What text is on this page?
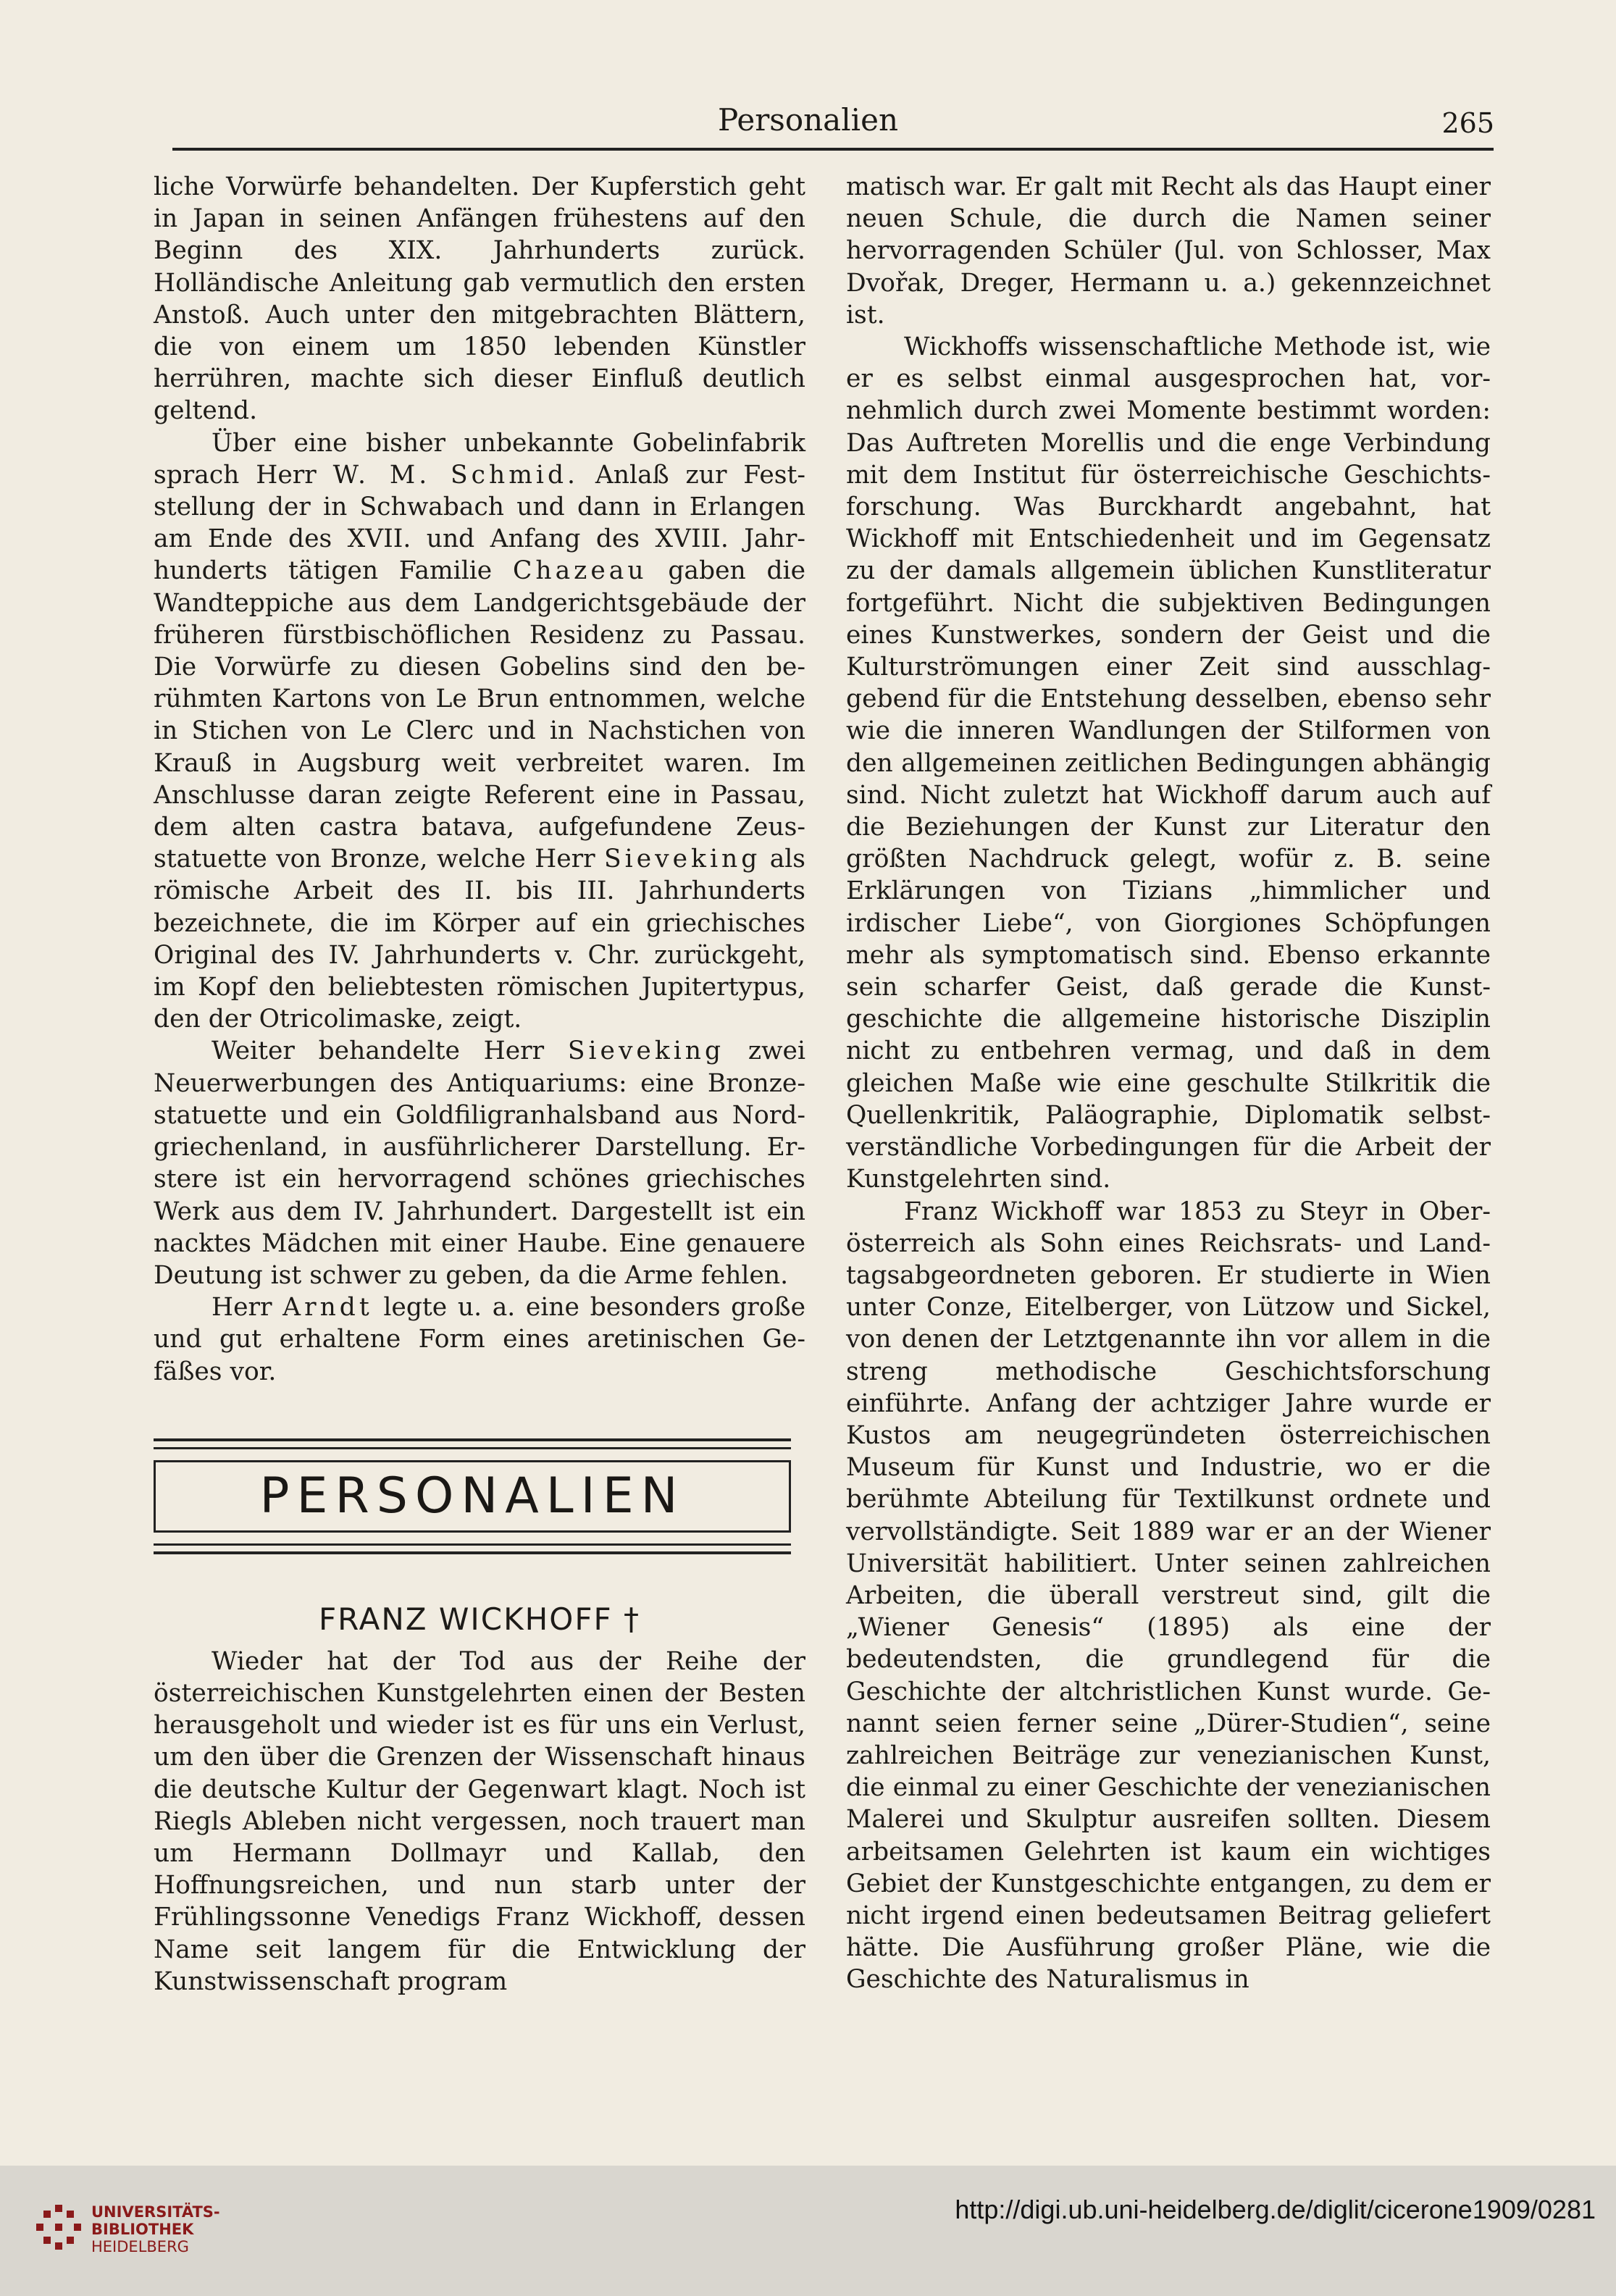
Personalien	265

liche Vorwürfe behandelten. Der Kupferstich geht in Japan in seinen Anfängen frühestens auf den Beginn des XIX. Jahrhunderts zurück. Holländische Anleitung gab vermutlich den ersten Anstoß. Auch unter den mitgebrachten Blättern, die von einem um 1850 lebenden Künstler herrühren, machte sich dieser Einfluß deutlich geltend.

Über eine bisher unbekannte Gobelinfabrik sprach Herr W. M. Schmid. Anlaß zur Feststellung der in Schwabach und dann in Erlangen am Ende des XVII. und Anfang des XVIII. Jahrhunderts tätigen Familie Chazeau gaben die Wandteppiche aus dem Landgerichtsgebäude der früheren fürstbischöflichen Residenz zu Passau. Die Vorwürfe zu diesen Gobelins sind den berühmten Kartons von Le Brun entnommen, welche in Stichen von Le Clerc und in Nachstichen von Krauß in Augsburg weit verbreitet waren. Im Anschlusse daran zeigte Referent eine in Passau, dem alten castra batava, aufgefundene Zeusstatuette von Bronze, welche Herr Sieveking als römische Arbeit des II. bis III. Jahrhunderts bezeichnete, die im Körper auf ein griechisches Original des IV. Jahrhunderts v. Chr. zurückgeht, im Kopf den beliebtesten römischen Jupitertypus, den der Otricolimaske, zeigt.

Weiter behandelte Herr Sieveking zwei Neuerwerbungen des Antiquariums: eine Bronzestatuette und ein Goldfiligranhalsband aus Nordgriechenland, in ausführlicherer Darstellung. Erstere ist ein hervorragend schönes griechisches Werk aus dem IV. Jahrhundert. Dargestellt ist ein nacktes Mädchen mit einer Haube. Eine genauere Deutung ist schwer zu geben, da die Arme fehlen.

Herr Arndt legte u. a. eine besonders große und gut erhaltene Form eines aretinischen Gefäßes vor.

PERSONALIEN
FRANZ WICKHOFF †

Wieder hat der Tod aus der Reihe der österreichischen Kunstgelehrten einen der Besten herausgeholt und wieder ist es für uns ein Verlust, um den über die Grenzen der Wissenschaft hinaus die deutsche Kultur der Gegenwart klagt. Noch ist Riegls Ableben nicht vergessen, noch trauert man um Hermann Dollmayr und Kallab, den Hoffnungsreichen, und nun starb unter der Frühlingssonne Venedigs Franz Wickhoff, dessen Name seit langem für die Entwicklung der Kunstwissenschaft program

matisch war. Er galt mit Recht als das Haupt einer neuen Schule, die durch die Namen seiner hervorragenden Schüler (Jul. von Schlosser, Max Dvořak, Dreger, Hermann u. a.) gekennzeichnet ist.

Wickhoffs wissenschaftliche Methode ist, wie er es selbst einmal ausgesprochen hat, vornehmlich durch zwei Momente bestimmt worden: Das Auftreten Morellis und die enge Verbindung mit dem Institut für österreichische Geschichtsforschung. Was Burckhardt angebahnt, hat Wickhoff mit Entschiedenheit und im Gegensatz zu der damals allgemein üblichen Kunstliteratur fortgeführt. Nicht die subjektiven Bedingungen eines Kunstwerkes, sondern der Geist und die Kulturströmungen einer Zeit sind ausschlaggebend für die Entstehung desselben, ebenso sehr wie die inneren Wandlungen der Stilformen von den allgemeinen zeitlichen Bedingungen abhängig sind. Nicht zuletzt hat Wickhoff darum auch auf die Beziehungen der Kunst zur Literatur den größten Nachdruck gelegt, wofür z. B. seine Erklärungen von Tizians „himmlicher und irdischer Liebe“, von Giorgiones Schöpfungen mehr als symptomatisch sind. Ebenso erkannte sein scharfer Geist, daß gerade die Kunstgeschichte die allgemeine historische Disziplin nicht zu entbehren vermag, und daß in dem gleichen Maße wie eine geschulte Stilkritik die Quellenkritik, Paläographie, Diplomatik selbstverständliche Vorbedingungen für die Arbeit der Kunstgelehrten sind.

Franz Wickhoff war 1853 zu Steyr in Oberösterreich als Sohn eines Reichsrats- und Landtagsabgeordneten geboren. Er studierte in Wien unter Conze, Eitelberger, von Lützow und Sickel, von denen der Letztgenannte ihn vor allem in die streng methodische Geschichtsforschung einführte. Anfang der achtziger Jahre wurde er Kustos am neugegründeten österreichischen Museum für Kunst und Industrie, wo er die berühmte Abteilung für Textilkunst ordnete und vervollständigte. Seit 1889 war er an der Wiener Universität habilitiert. Unter seinen zahlreichen Arbeiten, die überall verstreut sind, gilt die „Wiener Genesis“ (1895) als eine der bedeutendsten, die grundlegend für die Geschichte der altchristlichen Kunst wurde. Genannt seien ferner seine „Dürer-Studien“, seine zahlreichen Beiträge zur venezianischen Kunst, die einmal zu einer Geschichte der venezianischen Malerei und Skulptur ausreifen sollten. Diesem arbeitsamen Gelehrten ist kaum ein wichtiges Gebiet der Kunstgeschichte entgangen, zu dem er nicht irgend einen bedeutsamen Beitrag geliefert hätte. Die Ausführung großer Pläne, wie die Geschichte des Naturalismus in

UNIVERSITÄTS-
BIBLIOTHEK
HEIDELBERG
http://digi.ub.uni-heidelberg.de/diglit/cicerone1909/0281
